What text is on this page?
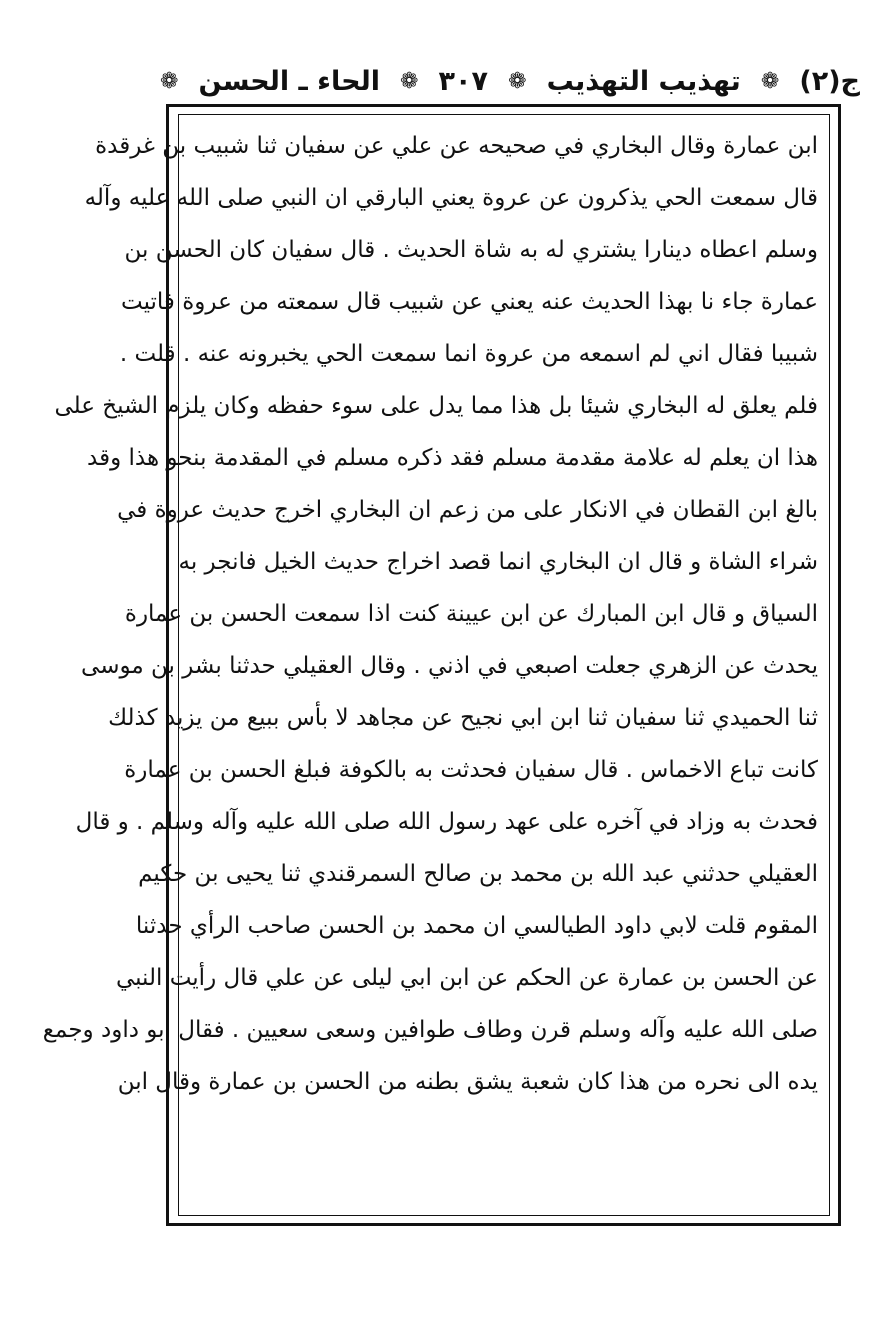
ج(٢)
❁
تهذيب التهذيب
❁
٣٠٧
❁
الحاء ـ الحسن
❁
ابن عمارة وقال البخاري في صحيحه عن علي عن سفيان ثنا شبيب بن غرقدة
قال سمعت الحي يذكرون عن عروة يعني البارقي ان النبي صلى الله عليه وآله
وسلم اعطاه دينارا يشتري له به شاة الحديث . قال سفيان كان الحسن بن
عمارة جاء نا بهذا الحديث عنه يعني عن شبيب قال سمعته من عروة فاتيت
شبيبا فقال اني لم اسمعه من عروة انما سمعت الحي يخبرونه عنه . قلت .
فلم يعلق له البخاري شيئا بل هذا مما يدل على سوء حفظه وكان يلزم الشيخ على
هذا ان يعلم له علامة مقدمة مسلم فقد ذكره مسلم في المقدمة بنحو هذا وقد
بالغ ابن القطان في الانكار على من زعم ان البخاري اخرج حديث عروة في
شراء الشاة و قال ان البخاري انما قصد اخراج حديث الخيل فانجر به
السياق و قال ابن المبارك عن ابن عيينة كنت اذا سمعت الحسن بن عمارة
يحدث عن الزهري جعلت اصبعي في اذني . وقال العقيلي حدثنا بشر بن موسى
ثنا الحميدي ثنا سفيان ثنا ابن ابي نجيح عن مجاهد لا بأس ببيع من يزيد كذلك
كانت تباع الاخماس . قال سفيان فحدثت به بالكوفة فبلغ الحسن بن عمارة
فحدث به وزاد في آخره على عهد رسول الله صلى الله عليه وآله وسلم . و قال
العقيلي حدثني عبد الله بن محمد بن صالح السمرقندي ثنا يحيى بن حكيم
المقوم قلت لابي داود الطيالسي ان محمد بن الحسن صاحب الرأي حدثنا
عن الحسن بن عمارة عن الحكم عن ابن ابي ليلى عن علي قال رأيت النبي
صلى الله عليه وآله وسلم قرن وطاف طوافين وسعى سعيين . فقال ابو داود وجمع
يده الى نحره من هذا كان شعبة يشق بطنه من الحسن بن عمارة وقال ابن
